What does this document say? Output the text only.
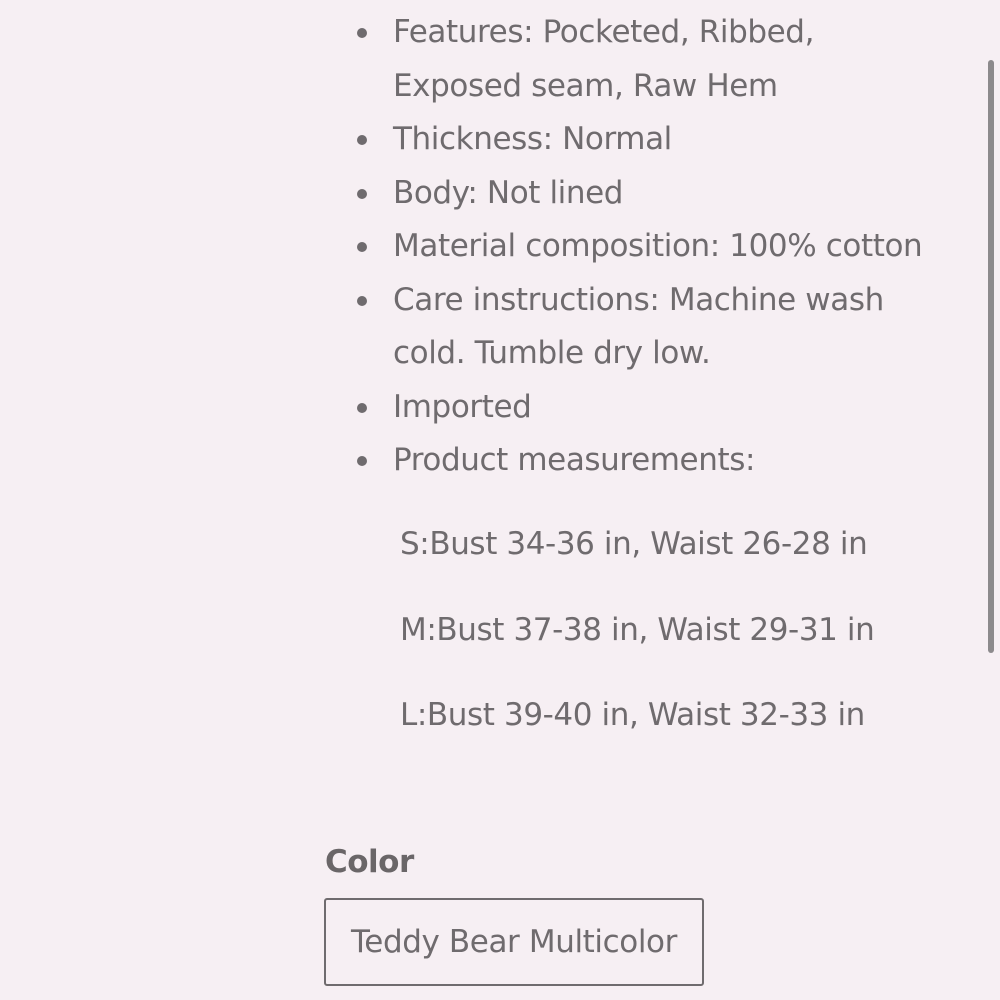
Features: Pocketed, Ribbed, Exposed seam, Raw Hem
Thickness: Normal
Body: Not lined
Material composition: 100% cotton
Care instructions: Machine wash cold. Tumble dry low.
Imported
Product measurements:
S:Bust 34-36 in, Waist 26-28 in
M:Bust 37-38 in, Waist 29-31 in
L:Bust 39-40 in, Waist 32-33 in
Color
Teddy Bear Multicolor
